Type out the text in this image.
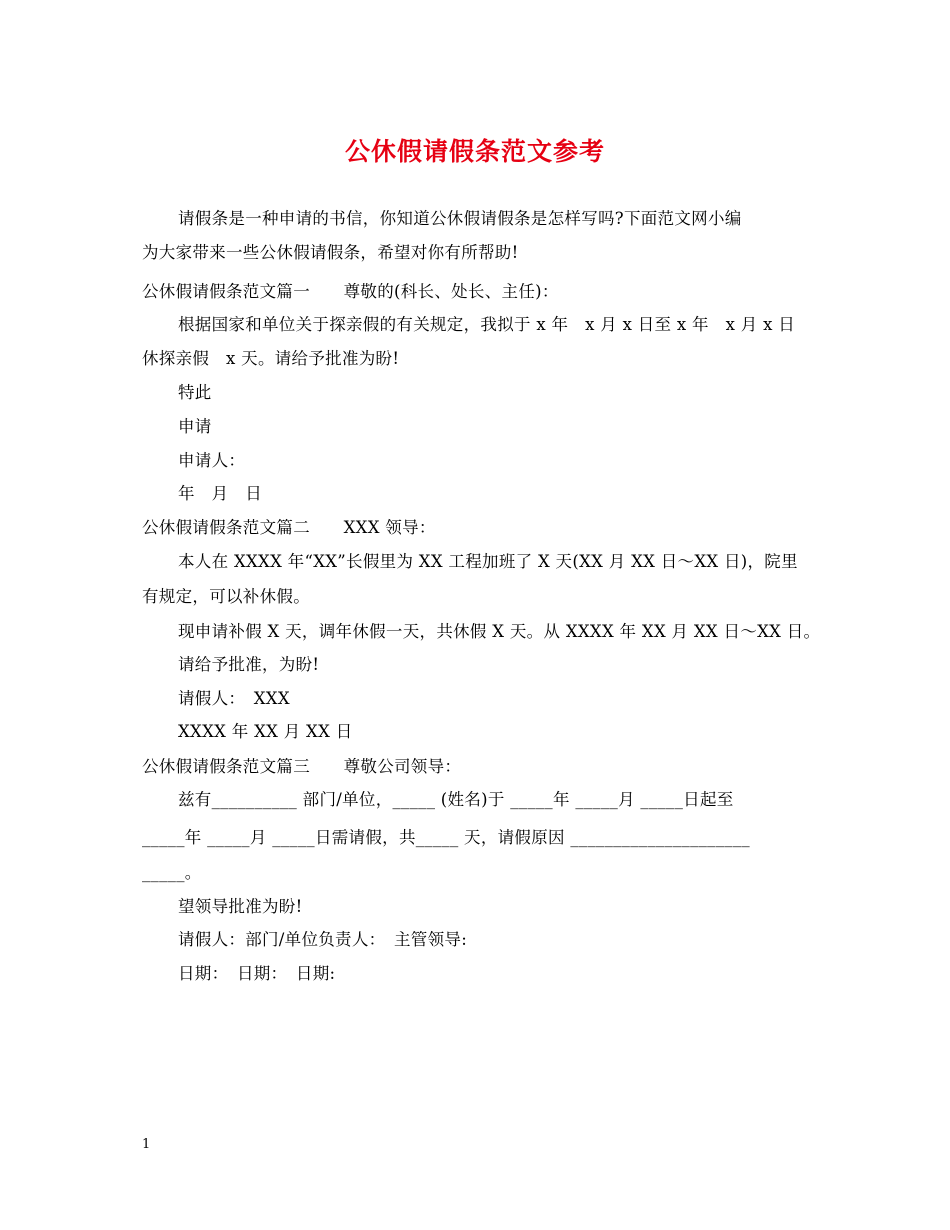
公休假请假条范文参考
请假条是一种申请的书信，你知道公休假请假条是怎样写吗?下面范文网小编
为大家带来一些公休假请假条，希望对你有所帮助!
公休假请假条范文篇一　　尊敬的(科长、处长、主任)：
根据国家和单位关于探亲假的有关规定，我拟于 x 年　x 月 x 日至 x 年　x 月 x 日
休探亲假　x 天。请给予批准为盼!
特此
申请
申请人：
年　月　日
公休假请假条范文篇二　　XXX 领导：
本人在 XXXX 年“XX”长假里为 XX 工程加班了 X 天(XX 月 XX 日～XX 日)，院里
有规定，可以补休假。
现申请补假 X 天，调年休假一天，共休假 X 天。从 XXXX 年 XX 月 XX 日～XX 日。
请给予批准，为盼!
请假人：　XXX
XXXX 年 XX 月 XX 日
公休假请假条范文篇三　　尊敬公司领导：
兹有__________ 部门/单位，_____ (姓名)于 _____年 _____月 _____日起至
_____年 _____月 _____日需请假，共_____ 天，请假原因 _____________________
_____。
望领导批准为盼!
请假人：部门/单位负责人：　主管领导:
日期：　日期：　日期:
1
